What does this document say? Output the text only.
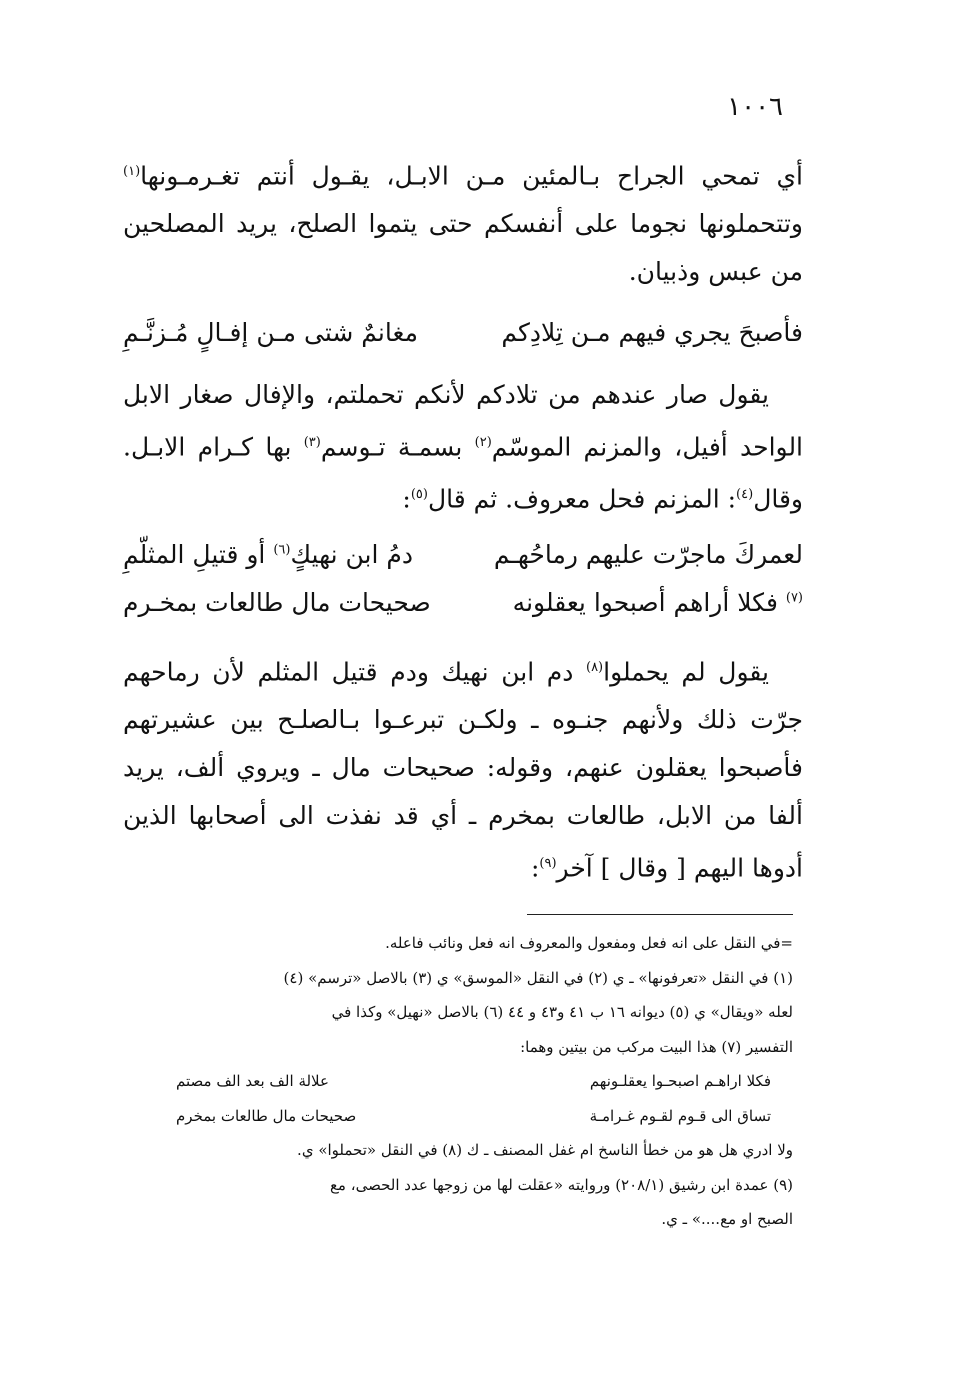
١٠٠٦

أي تمحي الجراح بـالمئين مـن الابـل، يقـول أنتم تغـرمـونها$^{(١)}$ وتتحملونها نجوما على أنفسكم حتى يتموا الصلح، يريد المصلحين من عبس وذبيان.

فأصبحَ يجري فيهم مـن تِلادِكم
مغانمٌ شتى مـن إفـالٍ مُـزنَّـمِ

يقول صار عندهم من تلادكم لأنكم تحملتم، والإفال صغار الابل الواحد أفيل، والمزنم الموسّم$^{(٢)}$ بسمـة تـوسم$^{(٣)}$ بها كـرام الابـل. وقال$^{(٤)}$: المزنم فحل معروف. ثم قال$^{(٥)}$:

لعمركَ ماجرّت عليهم رماحُهـم
دمُ ابن نهيكٍ$^{(٦)}$ أو قتيلِ المثلّمِ
$^{(٧)}$ فكلا أراهم أصبحوا يعقلونه
صحيحات مال طالعات بمخـرم

يقول لم يحملوا$^{(٨)}$ دم ابن نهيك ودم قتيل المثلم لأن رماحهم جرّت ذلك ولأنهم جنـوه ـ ولكـن تبرعـوا بـالصلـح بين عشيرتهم فأصبحوا يعقلون عنهم، وقوله: صحيحات مال ـ ويروي ألف، يريد ألفا من الابل، طالعات بمخرم ـ أي قد نفذت الى أصحابها الذين أدوها اليهم [ وقال ] آخر$^{(٩)}$:

=في النقل على انه فعل ومفعول والمعروف انه فعل ونائب فاعله.

(١) في النقل «تعرفونها» ـ ي (٢) في النقل «الموسق» ي (٣) بالاصل «ترسم» (٤)

لعله «ويقال» ي (٥) ديوانه ١٦ ب ٤١ و٤٣ و ٤٤ (٦) بالاصل «نهيل» وكذا في

التفسير (٧) هذا البيت مركب من بيتين وهما:

فكلا اراهـم اصبحـوا يعقلـونهم
علالة الف بعد الف مصتم
تساق الى قـوم لقـوم غـرامـة
صحيحات مال طالعات بمخرم

ولا ادري هل هو من خطأ الناسخ ام غفل المصنف ـ ك (٨) في النقل «تحملوا» ي.

(٩) عمدة ابن رشيق (٢٠٨/١) وروايته «عقلت لها من زوجها عدد الحصى، مع

الصبح او مع....» ـ ي.
